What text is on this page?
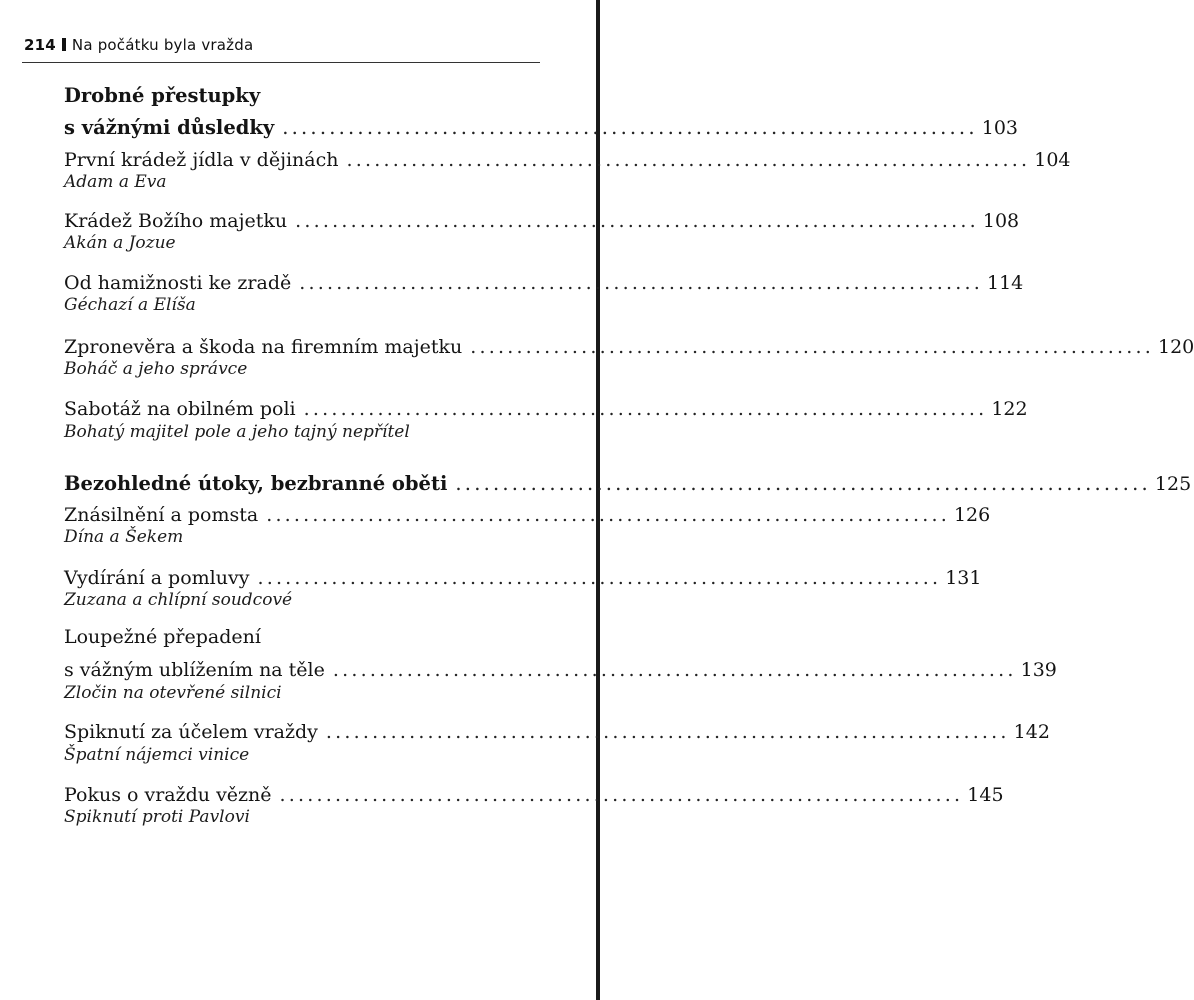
214 Na počátku byla vražda
Drobné přestupky
s vážnými důsledky .......................................................................... 103
První krádež jídla v dějinách .......................................................................... 104
Adam a Eva
Krádež Božího majetku .......................................................................... 108
Akán a Jozue
Od hamižnosti ke zradě .......................................................................... 114
Géchazí a Elíša
Zpronevěra a škoda na firemním majetku .......................................................................... 120
Boháč a jeho správce
Sabotáž na obilném poli .......................................................................... 122
Bohatý majitel pole a jeho tajný nepřítel
Bezohledné útoky, bezbranné oběti .......................................................................... 125
Znásilnění a pomsta .......................................................................... 126
Dína a Šekem
Vydírání a pomluvy .......................................................................... 131
Zuzana a chlípní soudcové
Loupežné přepadení
s vážným ublížením na těle .......................................................................... 139
Zločin na otevřené silnici
Spiknutí za účelem vraždy .......................................................................... 142
Špatní nájemci vinice
Pokus o vraždu vězně .......................................................................... 145
Spiknutí proti Pavlovi
